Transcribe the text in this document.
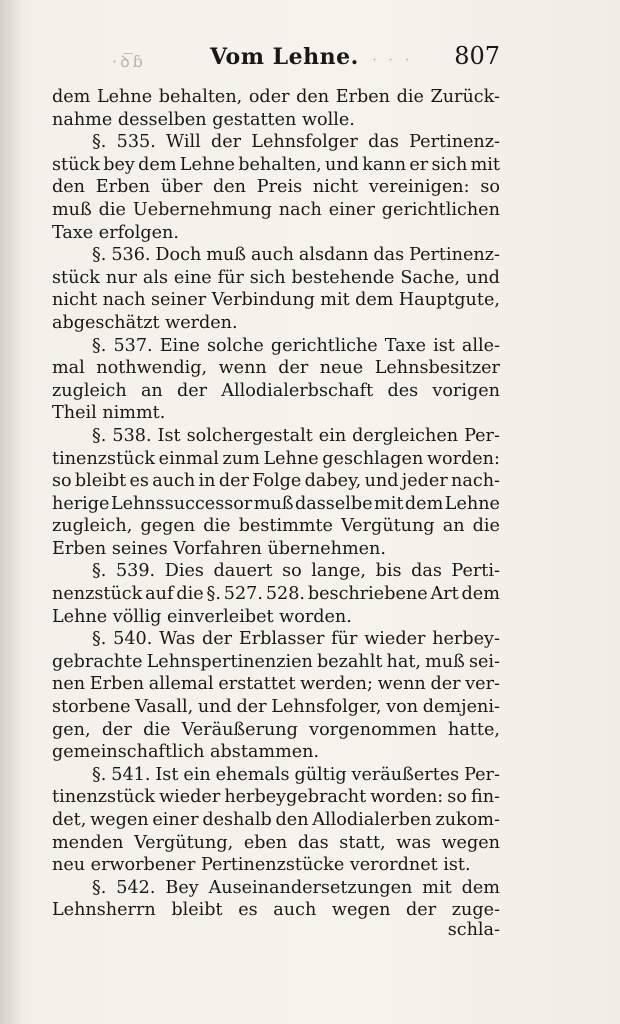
·ꝺ͞ɓ	Vom Lehne. · · · 807
dem Lehne behalten, oder den Erben die Zurück-
nahme desselben gestatten wolle.
§. 535. Will der Lehnsfolger das Pertinenz-
stück bey dem Lehne behalten, und kann er sich mit
den Erben über den Preis nicht vereinigen: so
muß die Uebernehmung nach einer gerichtlichen
Taxe erfolgen.
§. 536. Doch muß auch alsdann das Pertinenz-
stück nur als eine für sich bestehende Sache, und
nicht nach seiner Verbindung mit dem Hauptgute,
abgeschätzt werden.
§. 537. Eine solche gerichtliche Taxe ist alle-
mal nothwendig, wenn der neue Lehnsbesitzer
zugleich an der Allodialerbschaft des vorigen
Theil nimmt.
§. 538. Ist solchergestalt ein dergleichen Per-
tinenzstück einmal zum Lehne geschlagen worden:
so bleibt es auch in der Folge dabey, und jeder nach-
herige Lehnssuccessor muß dasselbe mit dem Lehne
zugleich, gegen die bestimmte Vergütung an die
Erben seines Vorfahren übernehmen.
§. 539. Dies dauert so lange, bis das Perti-
nenzstück auf die §. 527. 528. beschriebene Art dem
Lehne völlig einverleibet worden.
§. 540. Was der Erblasser für wieder herbey-
gebrachte Lehnspertinenzien bezahlt hat, muß sei-
nen Erben allemal erstattet werden; wenn der ver-
storbene Vasall, und der Lehnsfolger, von demjeni-
gen, der die Veräußerung vorgenommen hatte,
gemeinschaftlich abstammen.
§. 541. Ist ein ehemals gültig veräußertes Per-
tinenzstück wieder herbeygebracht worden: so fin-
det, wegen einer deshalb den Allodialerben zukom-
menden Vergütung, eben das statt, was wegen
neu erworbener Pertinenzstücke verordnet ist.
§. 542. Bey Auseinandersetzungen mit dem
Lehnsherrn bleibt es auch wegen der zuge-
schla-
